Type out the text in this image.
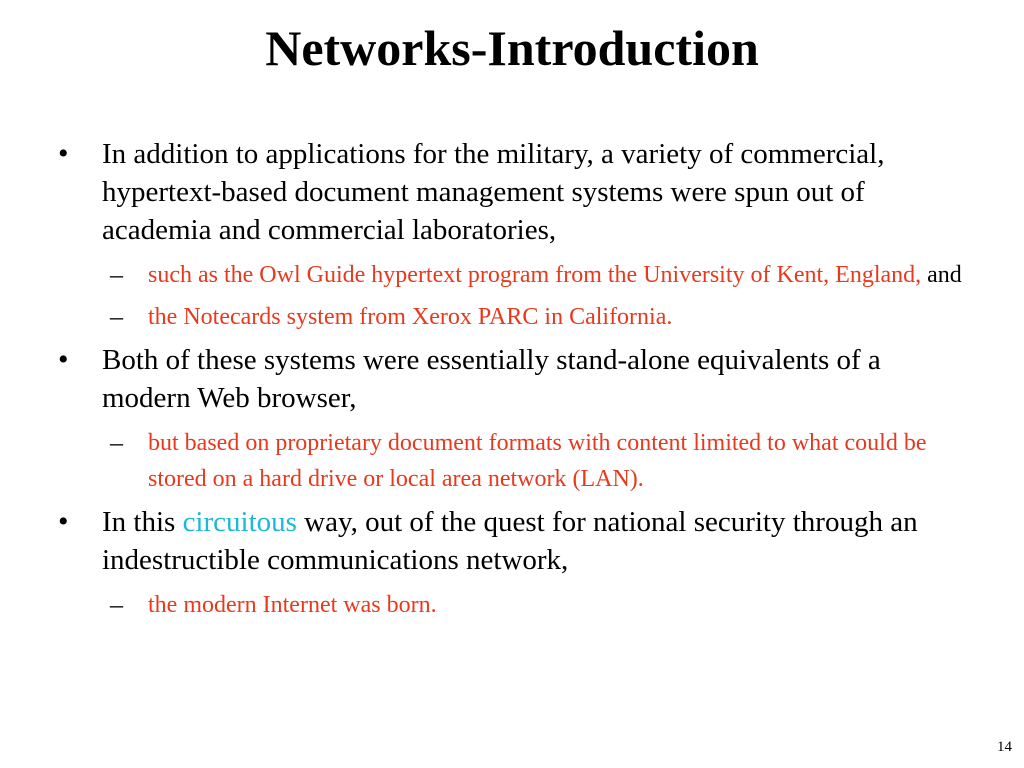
Networks-Introduction

• In addition to applications for the military, a variety of commercial, hypertext-based document management systems were spun out of academia and commercial laboratories,

– such as the Owl Guide hypertext program from the University of Kent, England, and

– the Notecards system from Xerox PARC in California.

• Both of these systems were essentially stand-alone equivalents of a modern Web browser,

– but based on proprietary document formats with content limited to what could be stored on a hard drive or local area network (LAN).

• In this circuitous way, out of the quest for national security through an indestructible communications network,

– the modern Internet was born.

14
